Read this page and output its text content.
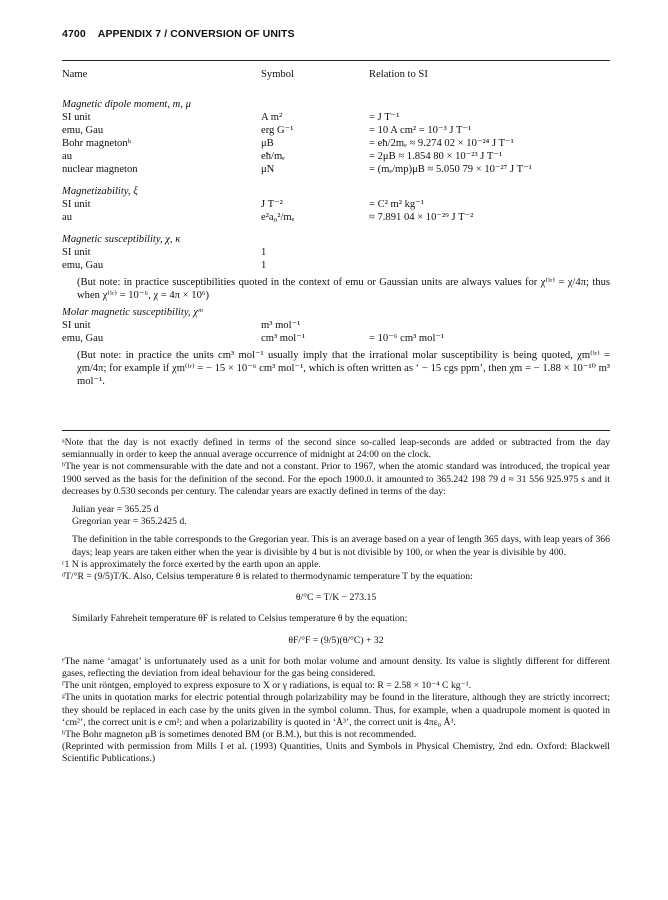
4700 APPENDIX 7 / CONVERSION OF UNITS
Name	Symbol	Relation to SI
Magnetic dipole moment, m, μ
SI unit	A m²	= J T⁻¹
emu, Gau	erg G⁻¹	= 10 A cm² = 10⁻³ J T⁻¹
Bohr magnetonʰ	μB	= eħ/2mₑ ≈ 9.274 02 × 10⁻²⁴ J T⁻¹
au	eħ/mₑ	= 2μB ≈ 1.854 80 × 10⁻²³ J T⁻¹
nuclear magneton	μN	= (mₑ/mp)μB ≈ 5.050 79 × 10⁻²⁷ J T⁻¹
Magnetizability, ξ
SI unit	J T⁻²	= C² m² kg⁻¹
au	e²a₀²/mₑ	≈ 7.891 04 × 10⁻²⁹ J T⁻²
Magnetic susceptibility, χ, κ
SI unit	1
emu, Gau	1
(But note: in practice susceptibilities quoted in the context of emu or Gaussian units are always values for χ⁽ⁱʳ⁾ = χ/4π; thus when χ⁽ⁱʳ⁾ = 10⁻⁶, χ = 4π × 10⁶)
Molar magnetic susceptibility, χᵐ
SI unit	m³ mol⁻¹
emu, Gau	cm³ mol⁻¹	= 10⁻⁶ cm³ mol⁻¹
(But note: in practice the units cm³ mol⁻¹ usually imply that the irrational molar susceptibility is being quoted, χm⁽ⁱʳ⁾ = χm/4π; for example if χm⁽ⁱʳ⁾ = − 15 × 10⁻⁶ cm³ mol⁻¹, which is often written as ‘ − 15 cgs ppm’, then χm = − 1.88 × 10⁻¹⁰ m³ mol⁻¹.

ᵃNote that the day is not exactly defined in terms of the second since so-called leap-seconds are added or subtracted from the day semiannually in order to keep the annual average occurrence of midnight at 24:00 on the clock.

ᵇThe year is not commensurable with the date and not a constant. Prior to 1967, when the atomic standard was introduced, the tropical year 1900 served as the basis for the definition of the second. For the epoch 1900.0. it amounted to 365.242 198 79 d ≈ 31 556 925.975 s and it decreases by 0.530 seconds per century. The calendar years are exactly defined in terms of the day:

Julian year = 365.25 d

Gregorian year = 365.2425 d.

The definition in the table corresponds to the Gregorian year. This is an average based on a year of length 365 days, with leap years of 366 days; leap years are taken either when the year is divisible by 4 but is not divisible by 100, or when the year is divisible by 400.

ᶜ1 N is approximately the force exerted by the earth upon an apple.

ᵈT/°R = (9/5)T/K. Also, Celsius temperature θ is related to thermodynamic temperature T by the equation:

θ/°C = T/K − 273.15

Similarly Fahreheit temperature θF is related to Celsius temperature θ by the equation:

θF/°F = (9/5)(θ/°C) + 32

ᵉThe name ‘amagat’ is unfortunately used as a unit for both molar volume and amount density. Its value is slightly different for different gases, reflecting the deviation from ideal behaviour for the gas being considered.

ᶠThe unit röntgen, employed to express exposure to X or γ radiations, is equal to: R = 2.58 × 10⁻⁴ C kg⁻¹.

ᵍThe units in quotation marks for electric potential through polarizability may be found in the literature, although they are strictly incorrect; they should be replaced in each case by the units given in the symbol column. Thus, for example, when a quadrupole moment is quoted in ‘cm²’, the correct unit is e cm²; and when a polarizability is quoted in ‘Å³’, the correct unit is 4πε₀ Å³.

ʰThe Bohr magneton μB is sometimes denoted BM (or B.M.), but this is not recommended.

(Reprinted with permission from Mills I et al. (1993) Quantities, Units and Symbols in Physical Chemistry, 2nd edn. Oxford: Blackwell Scientific Publications.)
